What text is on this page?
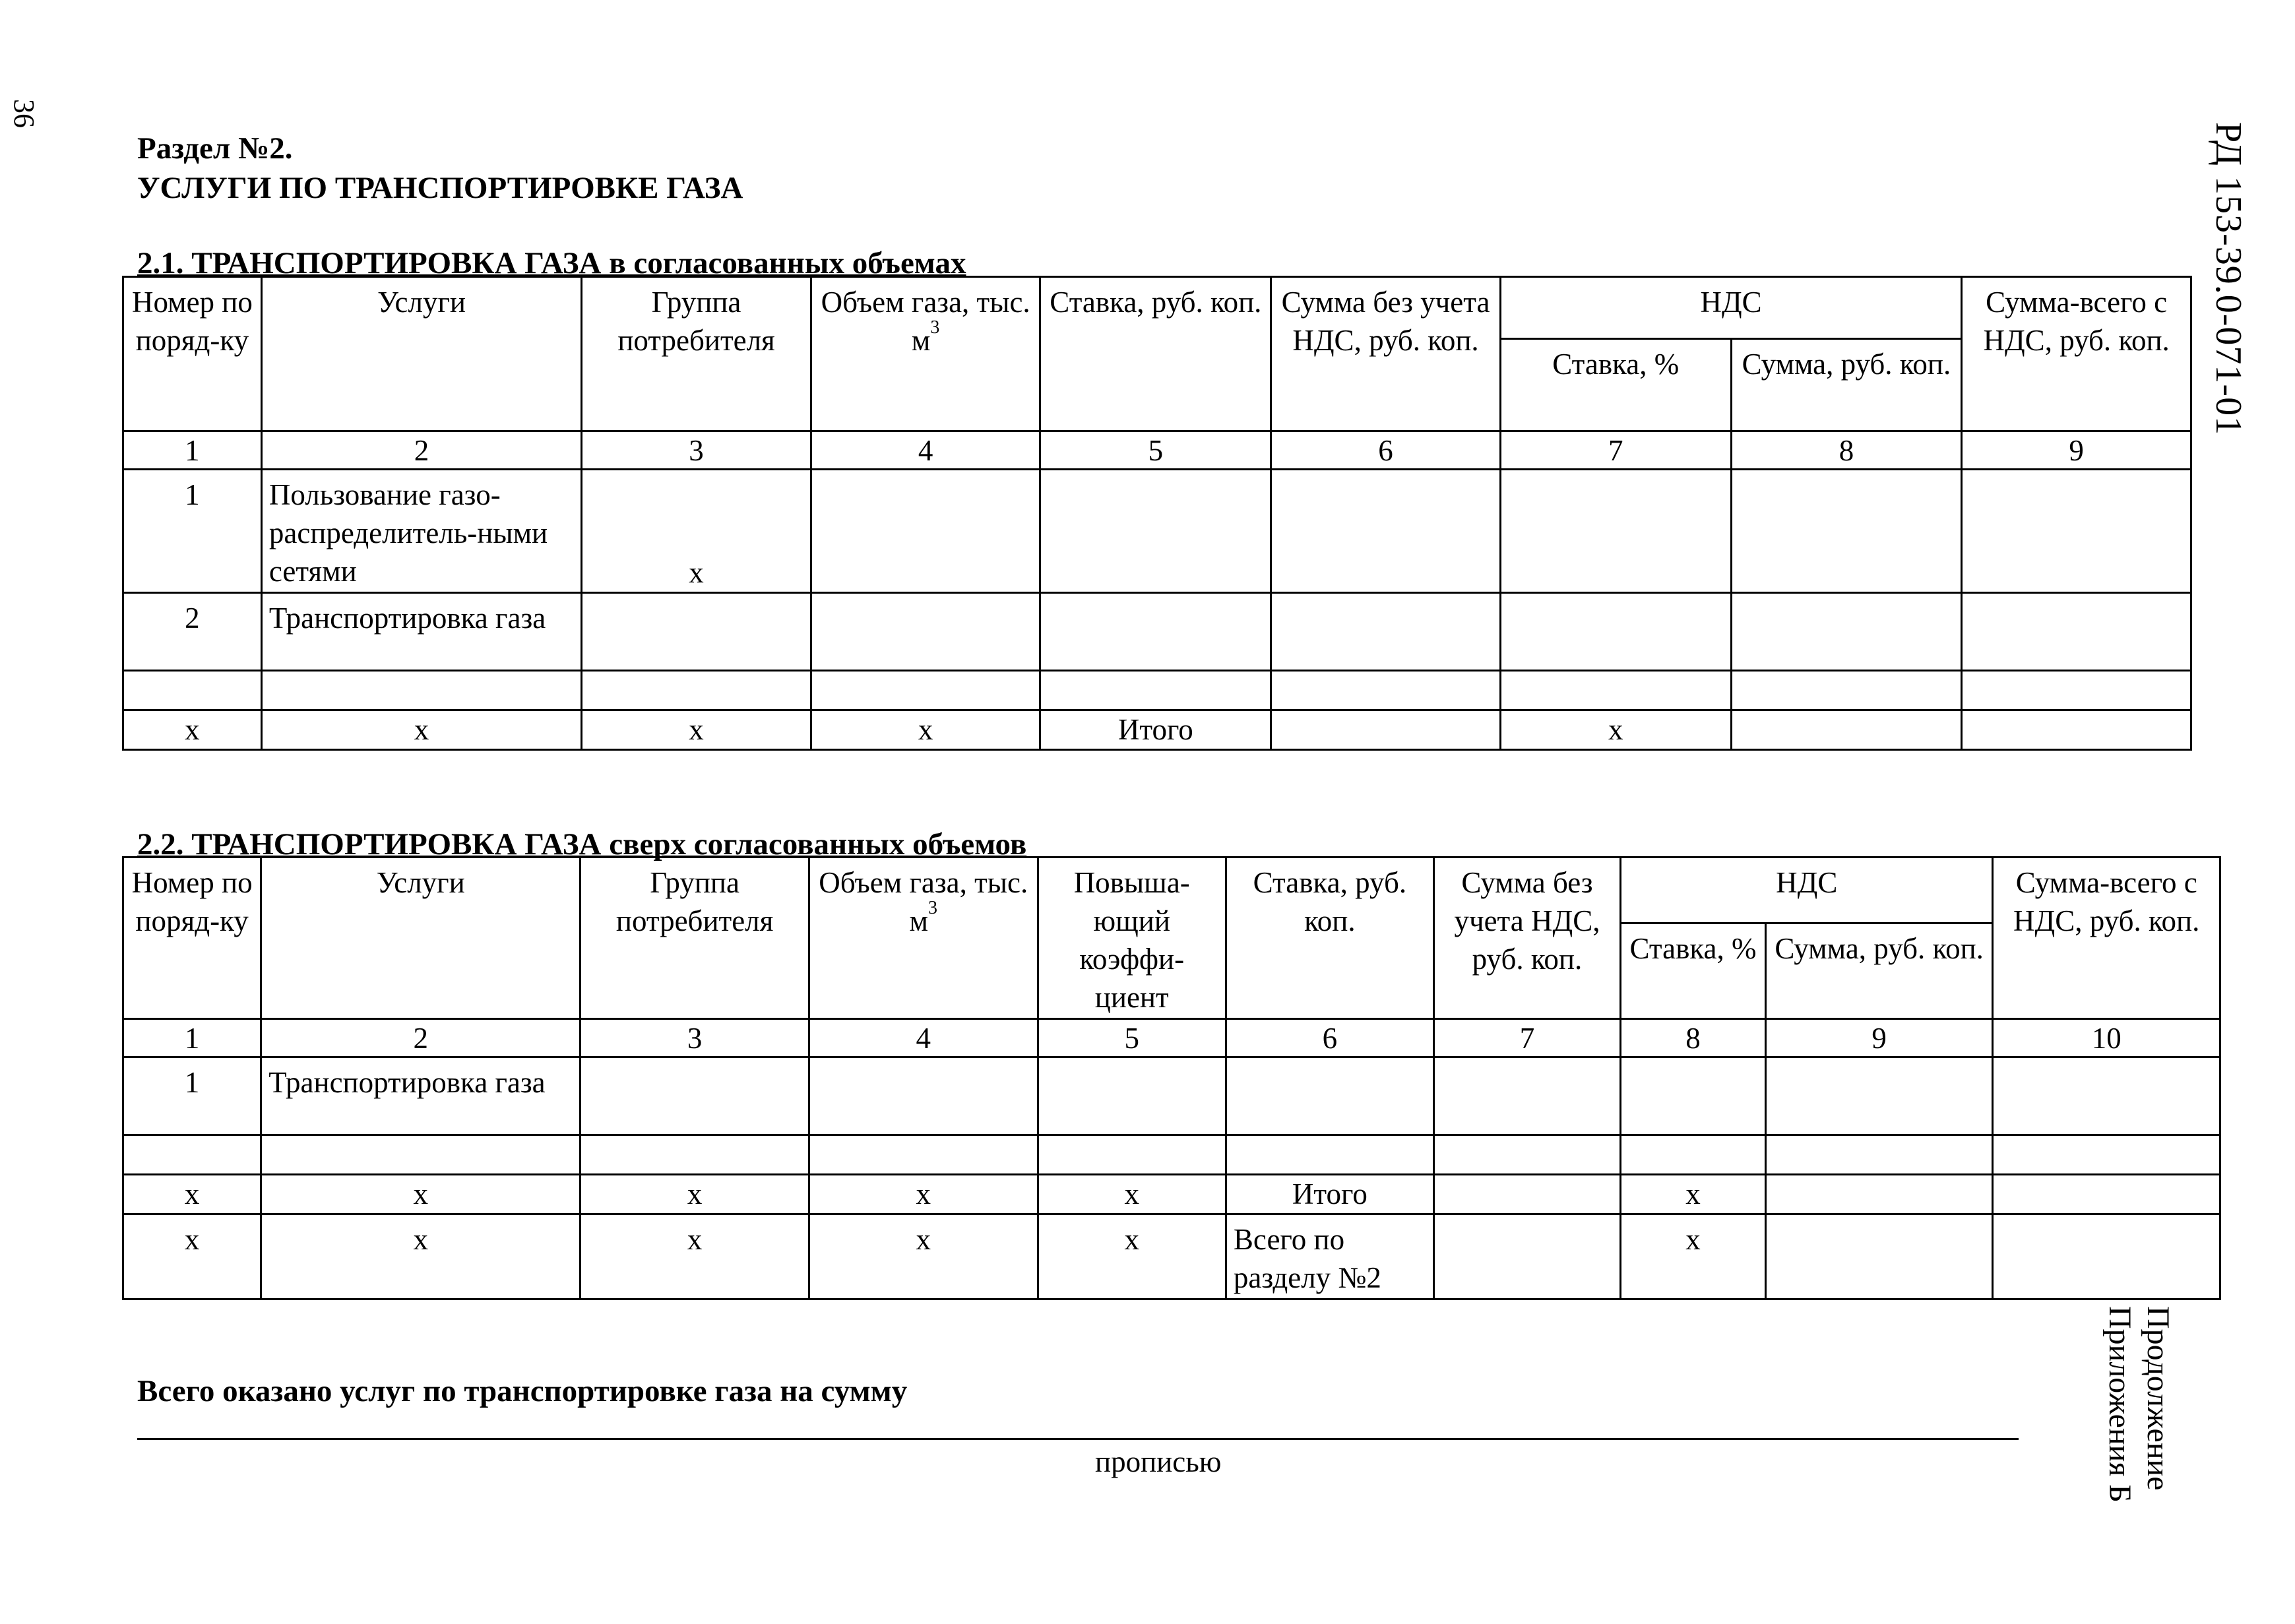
36
РД 153-39.0-071-01
Продолжение Приложения Б
Раздел №2.
УСЛУГИ ПО ТРАНСПОРТИРОВКЕ ГАЗА
2.1. ТРАНСПОРТИРОВКА ГАЗА в согласованных объемах
Номер по поряд-ку	Услуги	Группа потребителя	Объем газа, тыс. $м^3$	Ставка, руб. коп.	Сумма без учета НДС, руб. коп.	НДС		Сумма-всего с НДС, руб. коп.
						Ставка, %	Сумма, руб. коп.	
1	2	3	4	5	6	7	8	9
1	Пользование газо-распределитель-ными сетями	х						
2	Транспортировка газа							

х	х	х	х	Итого		х		
2.2. ТРАНСПОРТИРОВКА ГАЗА сверх согласованных объемов
Номер по поряд-ку	Услуги	Группа потребителя	Объем газа, тыс. $м^3$	Повыша-ющий коэффи-циент	Ставка, руб. коп.	Сумма без учета НДС, руб. коп.	НДС		Сумма-всего с НДС, руб. коп.
							Ставка, %	Сумма, руб. коп.	
1	2	3	4	5	6	7	8	9	10
1	Транспортировка газа								

х	х	х	х	х	Итого		х		
х	х	х	х	х	Всего по разделу №2		х		
Всего оказано услуг по транспортировке газа на сумму
прописью
